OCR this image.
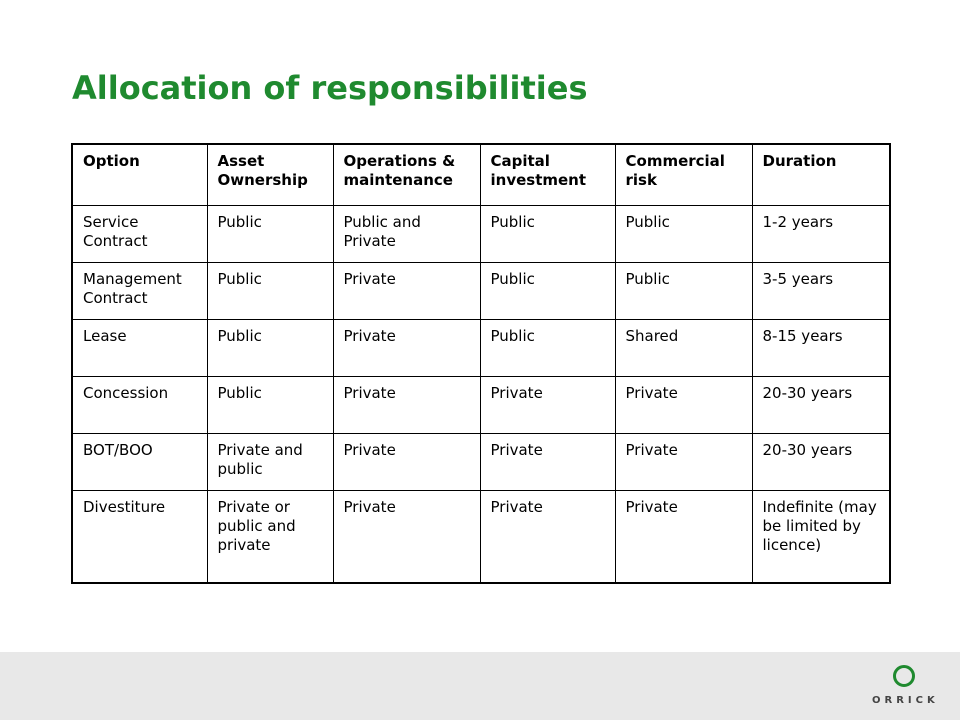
Allocation of responsibilities
Option	Asset Ownership	Operations & maintenance	Capital investment	Commercial risk	Duration
Service Contract	Public	Public and Private	Public	Public	1-2 years
Management Contract	Public	Private	Public	Public	3-5 years
Lease	Public	Private	Public	Shared	8-15 years
Concession	Public	Private	Private	Private	20-30 years
BOT/BOO	Private and public	Private	Private	Private	20-30 years
Divestiture	Private or public and private	Private	Private	Private	Indefinite (may be limited by licence)
ORRICK
